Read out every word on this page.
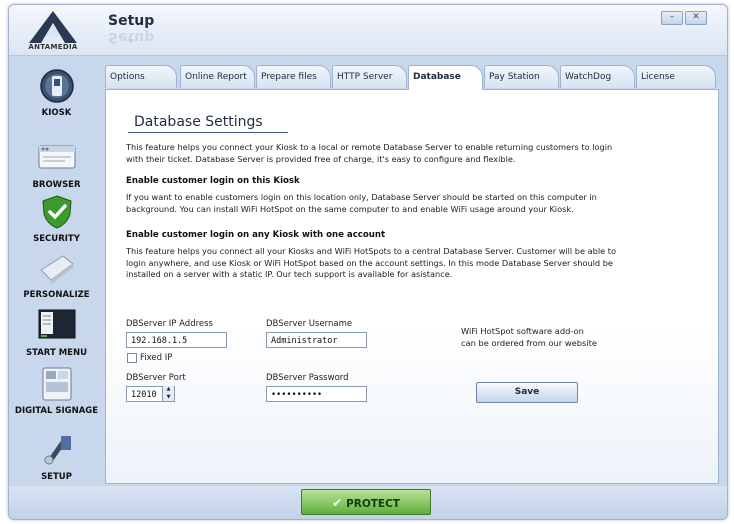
ANTAMEDIA
Setup
Setup
–	✕
KIOSK
BROWSER
SECURITY
PERSONALIZE
START MENU
DIGITAL SIGNAGE
SETUP
Options	Online Report	Prepare files	HTTP Server	Database	Pay Station	WatchDog	License
Database Settings
This feature helps you connect your Kiosk to a local or remote Database Server to enable returning customers to login with their ticket. Database Server is provided free of charge, it's easy to configure and flexible.
Enable customer login on this Kiosk
If you want to enable customers login on this location only, Database Server should be started on this computer in background. You can install WiFi HotSpot on the same computer to and enable WiFi usage around your Kiosk.
Enable customer login on any Kiosk with one account
This feature helps you connect all your Kiosks and WiFi HotSpots to a central Database Server. Customer will be able to login anywhere, and use Kiosk or WiFi HotSpot based on the account settings. In this mode Database Server should be installed on a server with a static IP. Our tech support is available for asistance.
DBServer IP Address
192.168.1.5
Fixed IP
DBServer Username
Administrator
DBServer Port
12010
▲
▼
DBServer Password
••••••••••
WiFi HotSpot software add-on
can be ordered from our website
Save
✔ PROTECT
